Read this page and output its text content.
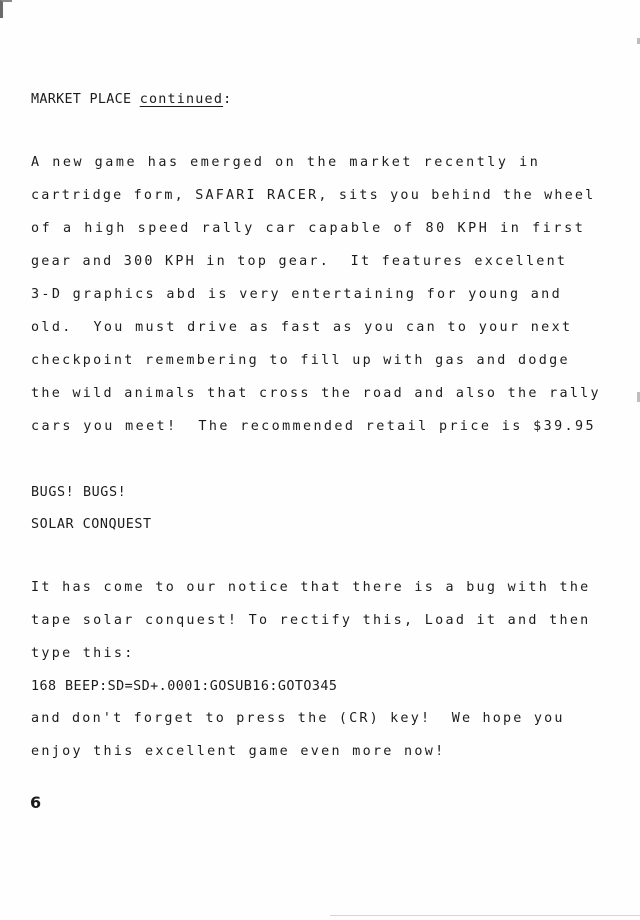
MARKET PLACE continued:

A new game has emerged on the market recently in

cartridge form, SAFARI RACER, sits you behind the wheel

of a high speed rally car capable of 80 KPH in first

gear and 300 KPH in top gear.  It features excellent

3-D graphics abd is very entertaining for young and

old.  You must drive as fast as you can to your next

checkpoint remembering to fill up with gas and dodge

the wild animals that cross the road and also the rally

cars you meet!  The recommended retail price is $39.95

BUGS! BUGS!

SOLAR CONQUEST

It has come to our notice that there is a bug with the

tape solar conquest! To rectify this, Load it and then

type this:

168 BEEP:SD=SD+.0001:GOSUB16:GOTO345

and don't forget to press the (CR) key!  We hope you

enjoy this excellent game even more now!

6
